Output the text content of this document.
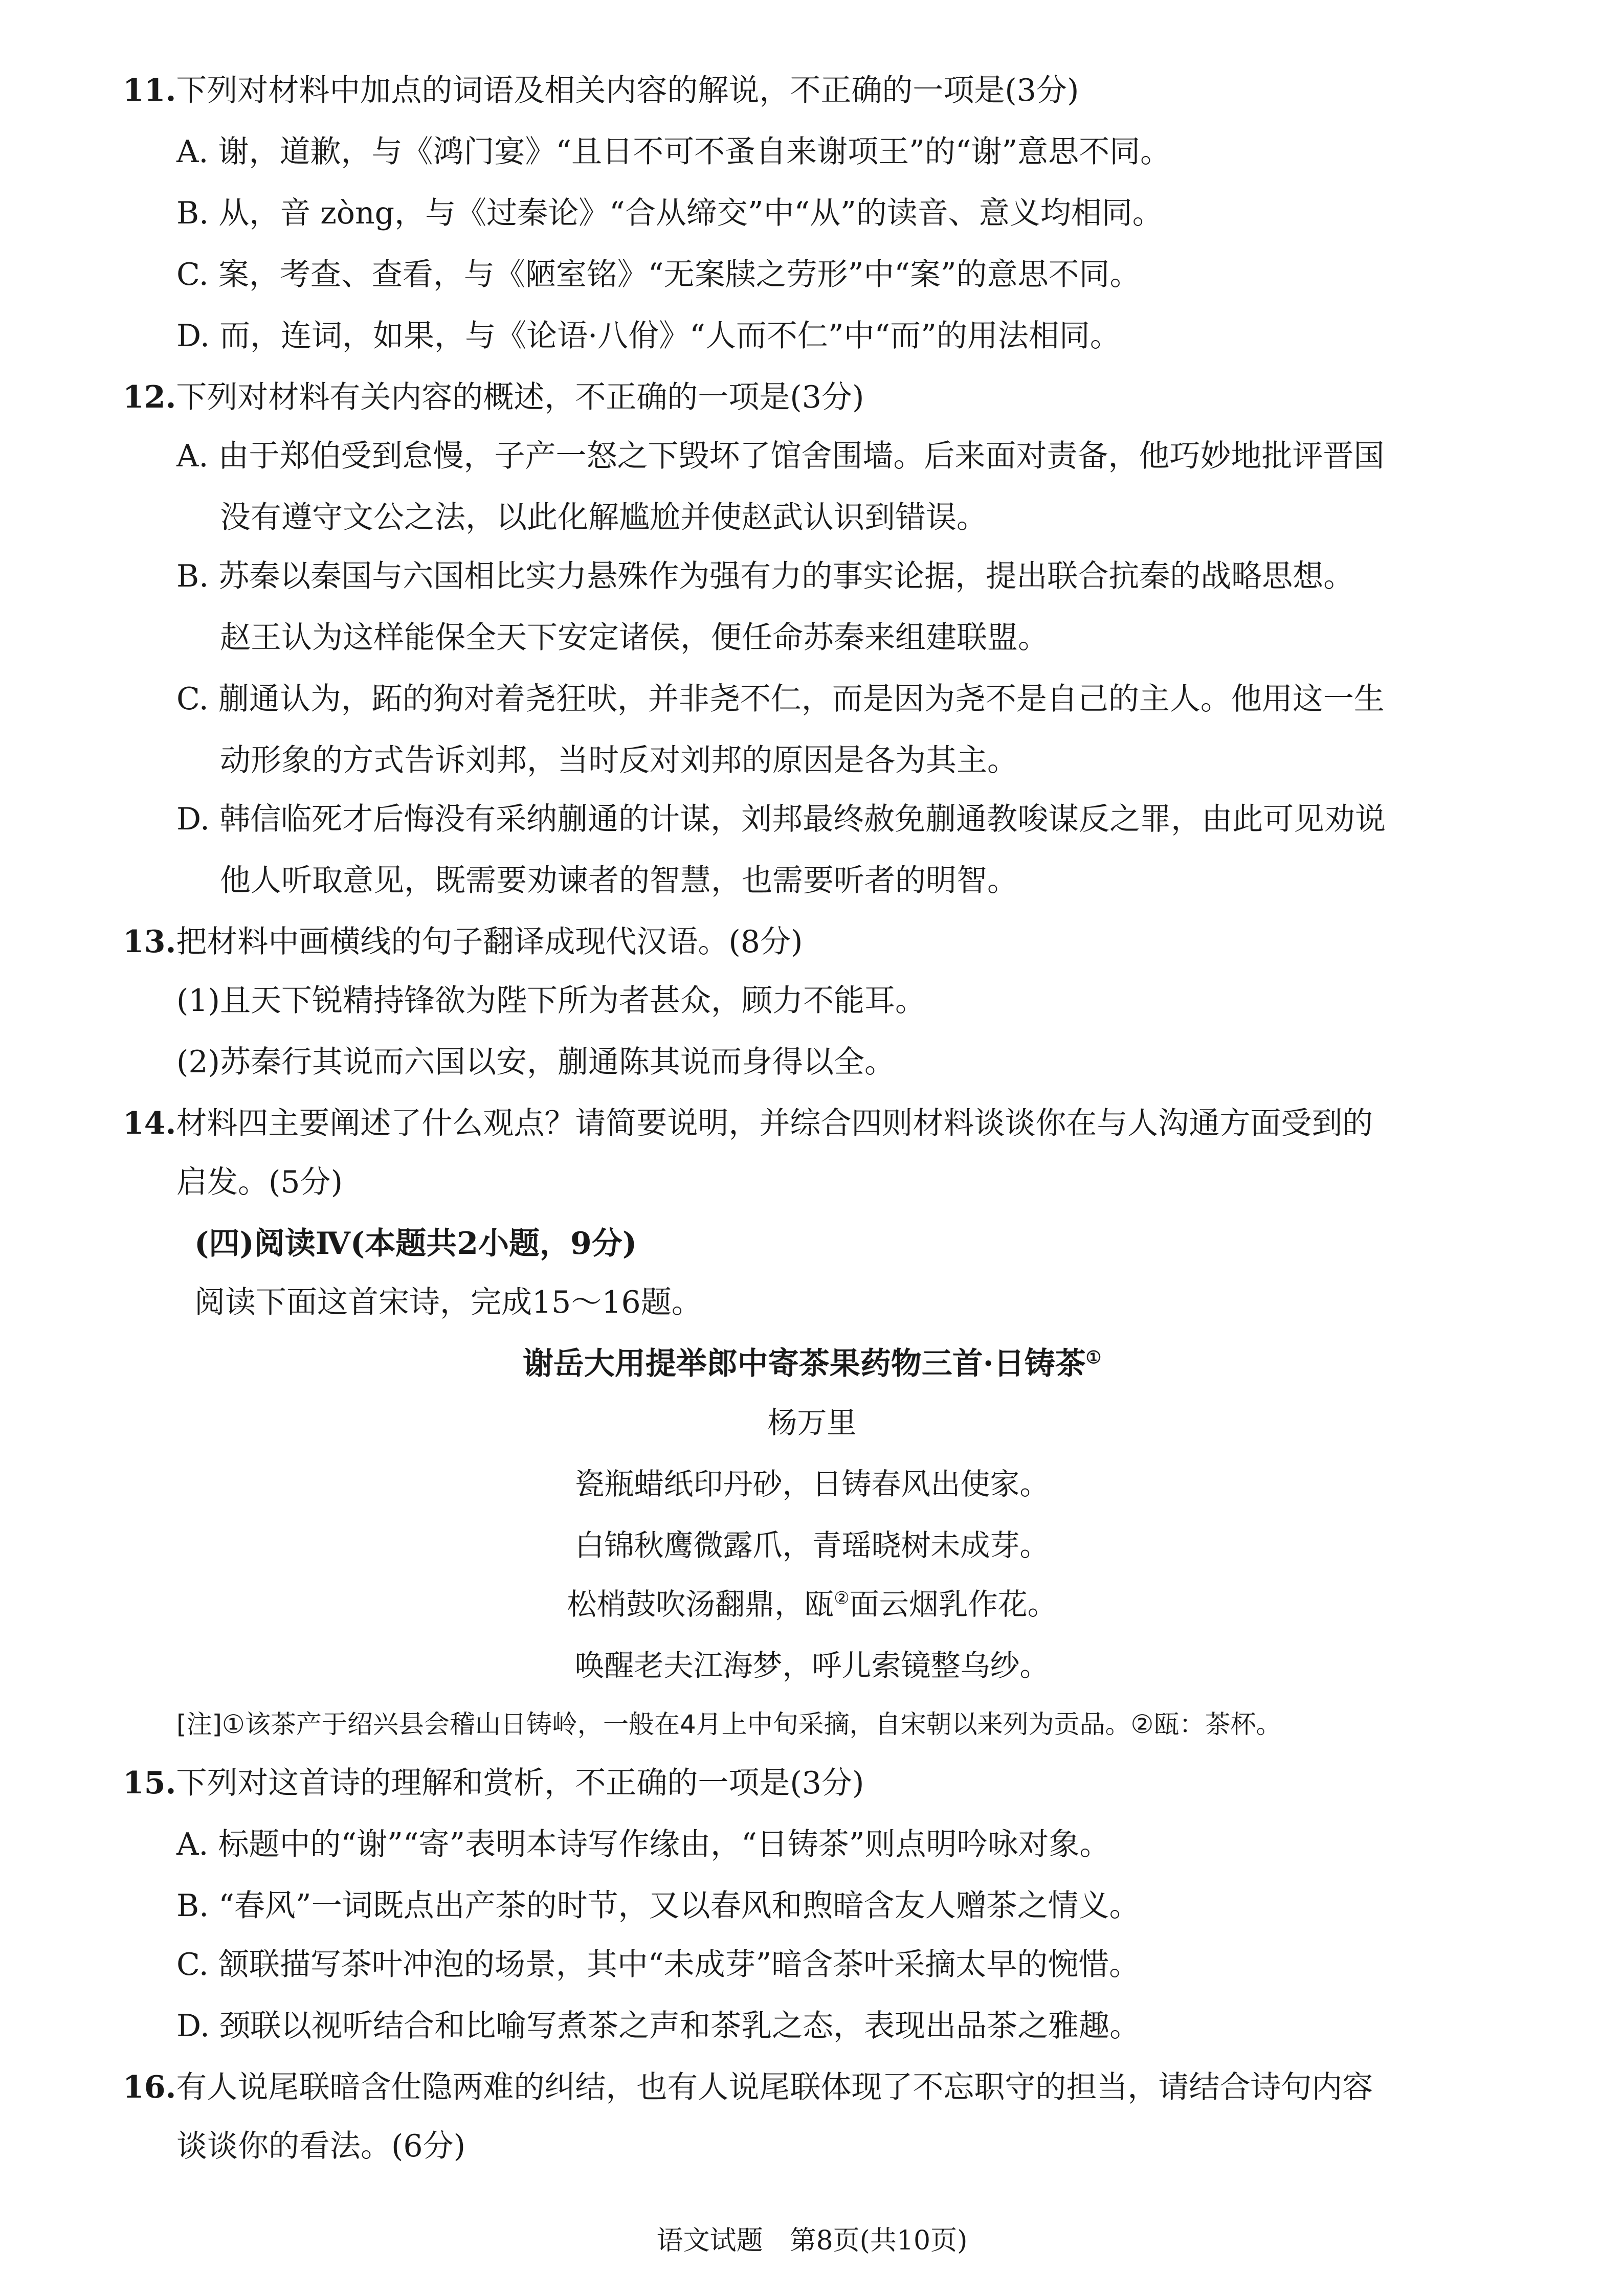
11.下列对材料中加点的词语及相关内容的解说，不正确的一项是(3分)
A. 谢，道歉，与《鸿门宴》“且日不可不蚤自来谢项王”的“谢”意思不同。
B. 从，音 zòng，与《过秦论》“合从缔交”中“从”的读音、意义均相同。
C. 案，考查、查看，与《陋室铭》“无案牍之劳形”中“案”的意思不同。
D. 而，连词，如果，与《论语·八佾》“人而不仁”中“而”的用法相同。
12.下列对材料有关内容的概述，不正确的一项是(3分)
A. 由于郑伯受到怠慢，子产一怒之下毁坏了馆舍围墙。后来面对责备，他巧妙地批评晋国
没有遵守文公之法，以此化解尴尬并使赵武认识到错误。
B. 苏秦以秦国与六国相比实力悬殊作为强有力的事实论据，提出联合抗秦的战略思想。
赵王认为这样能保全天下安定诸侯，便任命苏秦来组建联盟。
C. 蒯通认为，跖的狗对着尧狂吠，并非尧不仁，而是因为尧不是自己的主人。他用这一生
动形象的方式告诉刘邦，当时反对刘邦的原因是各为其主。
D. 韩信临死才后悔没有采纳蒯通的计谋，刘邦最终赦免蒯通教唆谋反之罪，由此可见劝说
他人听取意见，既需要劝谏者的智慧，也需要听者的明智。
13.把材料中画横线的句子翻译成现代汉语。(8分)
(1)且天下锐精持锋欲为陛下所为者甚众，顾力不能耳。
(2)苏秦行其说而六国以安，蒯通陈其说而身得以全。
14.材料四主要阐述了什么观点？请简要说明，并综合四则材料谈谈你在与人沟通方面受到的
启发。(5分)
(四)阅读Ⅳ(本题共2小题，9分)
阅读下面这首宋诗，完成15～16题。
谢岳大用提举郎中寄茶果药物三首·日铸茶①
杨万里
瓷瓶蜡纸印丹砂，日铸春风出使家。
白锦秋鹰微露爪，青瑶晓树未成芽。
松梢鼓吹汤翻鼎，瓯②面云烟乳作花。
唤醒老夫江海梦，呼儿索镜整乌纱。
[注]①该茶产于绍兴县会稽山日铸岭，一般在4月上中旬采摘，自宋朝以来列为贡品。②瓯：茶杯。
15.下列对这首诗的理解和赏析，不正确的一项是(3分)
A. 标题中的“谢”“寄”表明本诗写作缘由，“日铸茶”则点明吟咏对象。
B. “春风”一词既点出产茶的时节，又以春风和煦暗含友人赠茶之情义。
C. 颔联描写茶叶冲泡的场景，其中“未成芽”暗含茶叶采摘太早的惋惜。
D. 颈联以视听结合和比喻写煮茶之声和茶乳之态，表现出品茶之雅趣。
16.有人说尾联暗含仕隐两难的纠结，也有人说尾联体现了不忘职守的担当，请结合诗句内容
谈谈你的看法。(6分)
语文试题　第8页(共10页)
